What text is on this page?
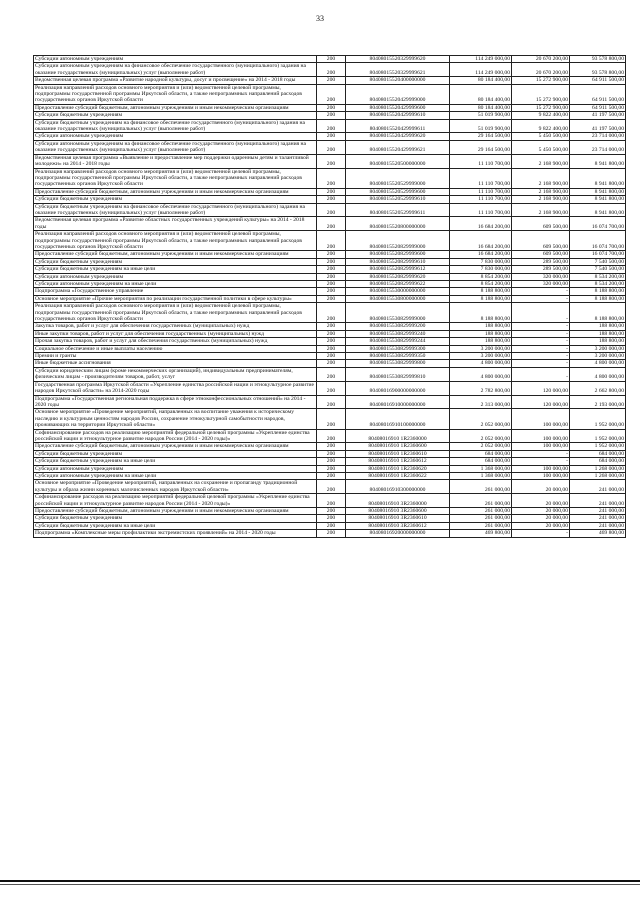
33
Субсидии автономным учреждениям	200	80408015520329999620	114 249 000,00	20 670 200,00	93 578 800,00
Субсидии автономным учреждениям на финансовое обеспечение государственного (муниципального) задания на оказание государственных (муниципальных) услуг (выполнение работ)	200	80408015520329999621	114 249 000,00	20 670 200,00	93 578 800,00
Ведомственная целевая программа «Развитие народной культуры, досуг и просвещение» на 2014 - 2018 годы	200	80408015520400000000	80 184 400,00	15 272 900,00	64 911 500,00
Реализация направлений расходов основного мероприятия и (или) ведомственной целевой программы, подпрограммы государственной программы Иркутской области, а также непрограммных направлений расходов государственных органов Иркутской области	200	80408015520429999000	80 184 400,00	15 272 900,00	64 911 500,00
Предоставление субсидий бюджетным, автономным учреждениям и иным некоммерческим организациям	200	80408015520429999600	80 184 400,00	15 272 900,00	64 911 500,00
Субсидии бюджетным учреждениям	200	80408015520429999610	51 019 900,00	9 822 400,00	41 197 500,00
Субсидии бюджетным учреждениям на финансовое обеспечение государственного (муниципального) задания на оказание государственных (муниципальных) услуг (выполнение работ)	200	80408015520429999611	51 019 900,00	9 822 400,00	41 197 500,00
Субсидии автономным учреждениям	200	80408015520429999620	29 164 500,00	5 450 500,00	23 714 000,00
Субсидии автономным учреждениям на финансовое обеспечение государственного (муниципального) задания на оказание государственных (муниципальных) услуг (выполнение работ)	200	80408015520429999621	29 164 500,00	5 450 500,00	23 714 000,00
Ведомственная целевая программа «Выявление и предоставление мер поддержки одаренным детям и талантливой молодежи» на 2014 - 2018 годы	200	80408015520500000000	11 110 700,00	2 168 900,00	8 941 800,00
Реализация направлений расходов основного мероприятия и (или) ведомственной целевой программы, подпрограммы государственной программы Иркутской области, а также непрограммных направлений расходов государственных органов Иркутской области	200	80408015520529999000	11 110 700,00	2 168 900,00	8 941 800,00
Предоставление субсидий бюджетным, автономным учреждениям и иным некоммерческим организациям	200	80408015520529999600	11 110 700,00	2 168 900,00	8 941 800,00
Субсидии бюджетным учреждениям	200	80408015520529999610	11 110 700,00	2 168 900,00	8 941 800,00
Субсидии бюджетным учреждениям на финансовое обеспечение государственного (муниципального) задания на оказание государственных (муниципальных) услуг (выполнение работ)	200	80408015520529999611	11 110 700,00	2 168 900,00	8 941 800,00
Ведомственная целевая программа «Развитие областных государственных учреждений культуры» на 2014 - 2018 годы	200	80408015520800000000	16 684 200,00	609 500,00	16 074 700,00
Реализация направлений расходов основного мероприятия и (или) ведомственной целевой программы, подпрограммы государственной программы Иркутской области, а также непрограммных направлений расходов государственных органов Иркутской области	200	80408015520829999000	16 684 200,00	609 500,00	16 074 700,00
Предоставление субсидий бюджетным, автономным учреждениям и иным некоммерческим организациям	200	80408015520829999600	16 684 200,00	609 500,00	16 074 700,00
Субсидии бюджетным учреждениям	200	80408015520829999610	7 830 000,00	289 500,00	7 540 500,00
Субсидии бюджетным учреждениям на иные цели	200	80408015520829999612	7 830 000,00	289 500,00	7 540 500,00
Субсидии автономным учреждениям	200	80408015520829999620	8 854 200,00	320 000,00	8 534 200,00
Субсидии автономным учреждениям на иные цели	200	80408015520829999622	8 854 200,00	320 000,00	8 534 200,00
Подпрограмма «Государственное управление	200	80408015530000000000	8 188 800,00	-	8 188 800,00
Основное мероприятие «Прочие мероприятия по реализации государственной политики в сфере культуры»	200	80408015530800000000	8 188 800,00	-	8 188 800,00
Реализация направлений расходов основного мероприятия и (или) ведомственной целевой программы, подпрограммы государственной программы Иркутской области, а также непрограммных направлений расходов государственных органов Иркутской области	200	80408015530829999000	8 188 800,00	-	8 188 800,00
Закупка товаров, работ и услуг для обеспечения государственных (муниципальных) нужд	200	80408015530829999200	188 800,00	-	188 800,00
Иные закупки товаров, работ и услуг для обеспечения государственных (муниципальных) нужд	200	80408015530829999240	188 800,00	-	188 800,00
Прочая закупка товаров, работ и услуг для обеспечения государственных (муниципальных) нужд	200	80408015530829999244	188 800,00	-	188 800,00
Социальное обеспечение и иные выплаты населению	200	80408015530829999300	3 200 000,00	-	3 200 000,00
Премии и гранты	200	80408015530829999350	3 200 000,00	-	3 200 000,00
Иные бюджетные ассигнования	200	80408015530829999800	4 800 000,00	-	4 800 000,00
Субсидии юридическим лицам (кроме некоммерческих организаций), индивидуальным предпринимателям, физическим лицам - производителям товаров, работ, услуг	200	80408015530829999810	4 800 000,00	-	4 800 000,00
Государственная программа Иркутской области «Укрепление единства российской нации и этнокультурное развитие народов Иркутской области» на 2014-2020 годы	200	80408016900000000000	2 782 800,00	120 000,00	2 662 800,00
Подпрограмма «Государственная региональная поддержка в сфере этноконфессиональных отношений» на 2014 - 2020 годы	200	80408016910000000000	2 313 000,00	120 000,00	2 193 000,00
Основное мероприятие «Проведение мероприятий, направленных на воспитание уважения к историческому наследию и культурным ценностям народов России, сохранение этнокультурной самобытности народов, проживающих на территории Иркутской области»	200	80408016910100000000	2 052 000,00	100 000,00	1 952 000,00
Софинансирование расходов на реализацию мероприятий федеральной целевой программы «Укрепление единства российской нации и этнокультурное развитие народов России (2014 - 2020 годы)»	200	80408016910 1R2360000	2 052 000,00	100 000,00	1 952 000,00
Предоставление субсидий бюджетным, автономным учреждениям и иным некоммерческим организациям	200	80408016910 1R2360600	2 052 000,00	100 000,00	1 952 000,00
Субсидии бюджетным учреждениям	200	80408016910 1R2360610	684 000,00	-	684 000,00
Субсидии бюджетным учреждениям на иные цели	200	80408016910 1R2360612	684 000,00	-	684 000,00
Субсидии автономным учреждениям	200	80408016910 1R2360620	1 368 000,00	100 000,00	1 268 000,00
Субсидии автономным учреждениям на иные цели	200	80408016910 1R2360622	1 368 000,00	100 000,00	1 268 000,00
Основное мероприятие «Проведение мероприятий, направленных на сохранение и пропаганду традиционной культуры и образа жизни коренных малочисленных народов Иркутской области»	200	80408016910300000000	261 000,00	20 000,00	241 000,00
Софинансирование расходов на реализацию мероприятий федеральной целевой программы «Укрепление единства российской нации и этнокультурное развитие народов России (2014 - 2020 годы)»	200	80408016910 3R2360000	261 000,00	20 000,00	241 000,00
Предоставление субсидий бюджетным, автономным учреждениям и иным некоммерческим организациям	200	80408016910 3R2360600	261 000,00	20 000,00	241 000,00
Субсидии бюджетным учреждениям	200	80408016910 3R2360610	261 000,00	20 000,00	241 000,00
Субсидии бюджетным учреждениям на иные цели	200	80408016910 3R2360612	261 000,00	20 000,00	241 000,00
Подпрограмма «Комплексные меры профилактики экстремистских проявлений» на 2014 - 2020 годы	200	80408016920000000000	469 800,00	-	469 800,00
